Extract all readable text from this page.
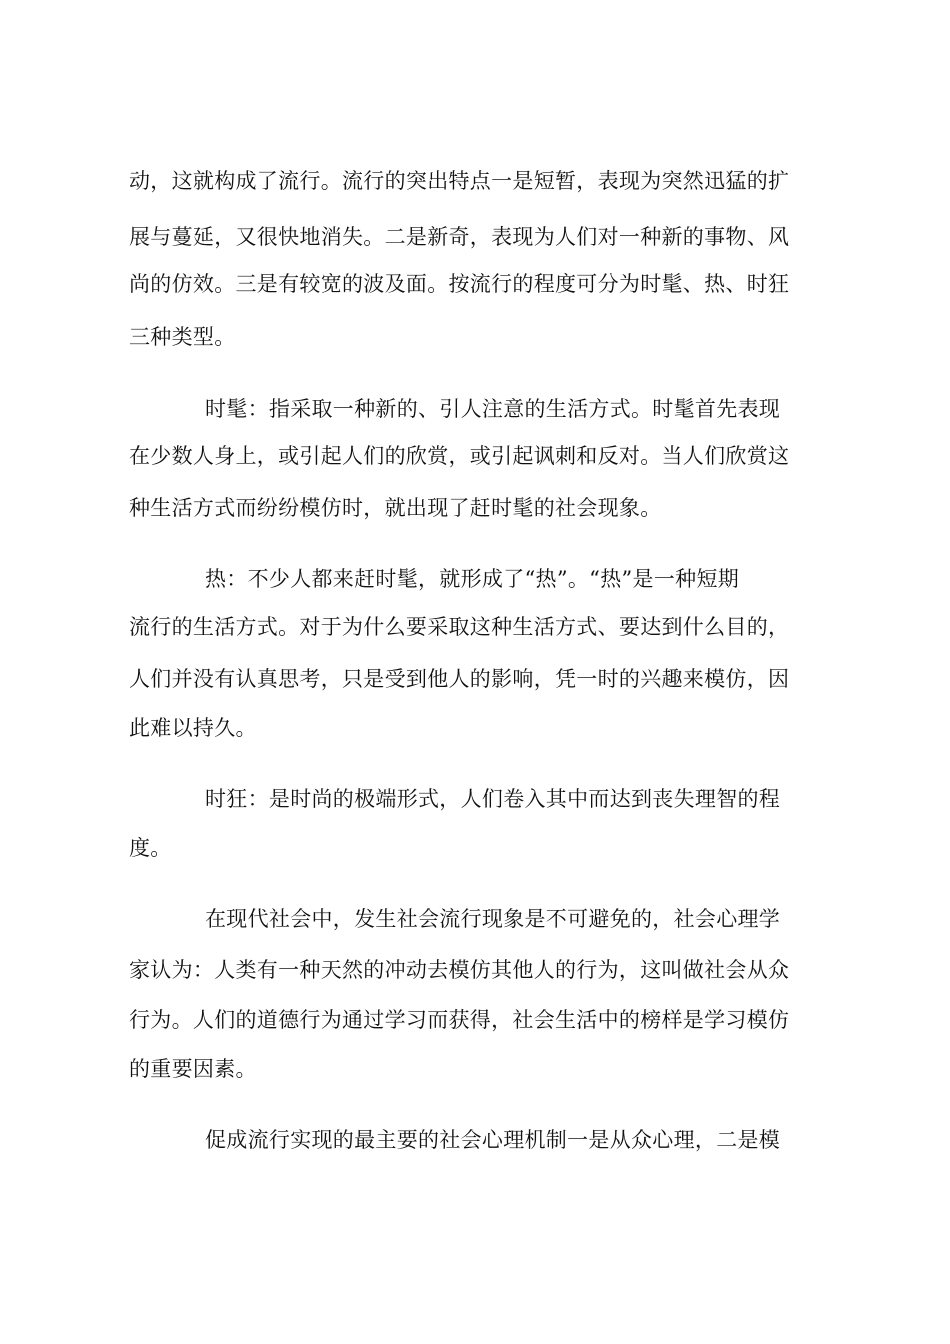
动，这就构成了流行。流行的突出特点一是短暂，表现为突然迅猛的扩
展与蔓延，又很快地消失。二是新奇，表现为人们对一种新的事物、风
尚的仿效。三是有较宽的波及面。按流行的程度可分为时髦、热、时狂
三种类型。
时髦：指采取一种新的、引人注意的生活方式。时髦首先表现
在少数人身上，或引起人们的欣赏，或引起讽刺和反对。当人们欣赏这
种生活方式而纷纷模仿时，就出现了赶时髦的社会现象。
热：不少人都来赶时髦，就形成了“热”。“热”是一种短期
流行的生活方式。对于为什么要采取这种生活方式、要达到什么目的，
人们并没有认真思考，只是受到他人的影响，凭一时的兴趣来模仿，因
此难以持久。
时狂：是时尚的极端形式，人们卷入其中而达到丧失理智的程
度。
在现代社会中，发生社会流行现象是不可避免的，社会心理学
家认为：人类有一种天然的冲动去模仿其他人的行为，这叫做社会从众
行为。人们的道德行为通过学习而获得，社会生活中的榜样是学习模仿
的重要因素。
促成流行实现的最主要的社会心理机制一是从众心理，二是模
